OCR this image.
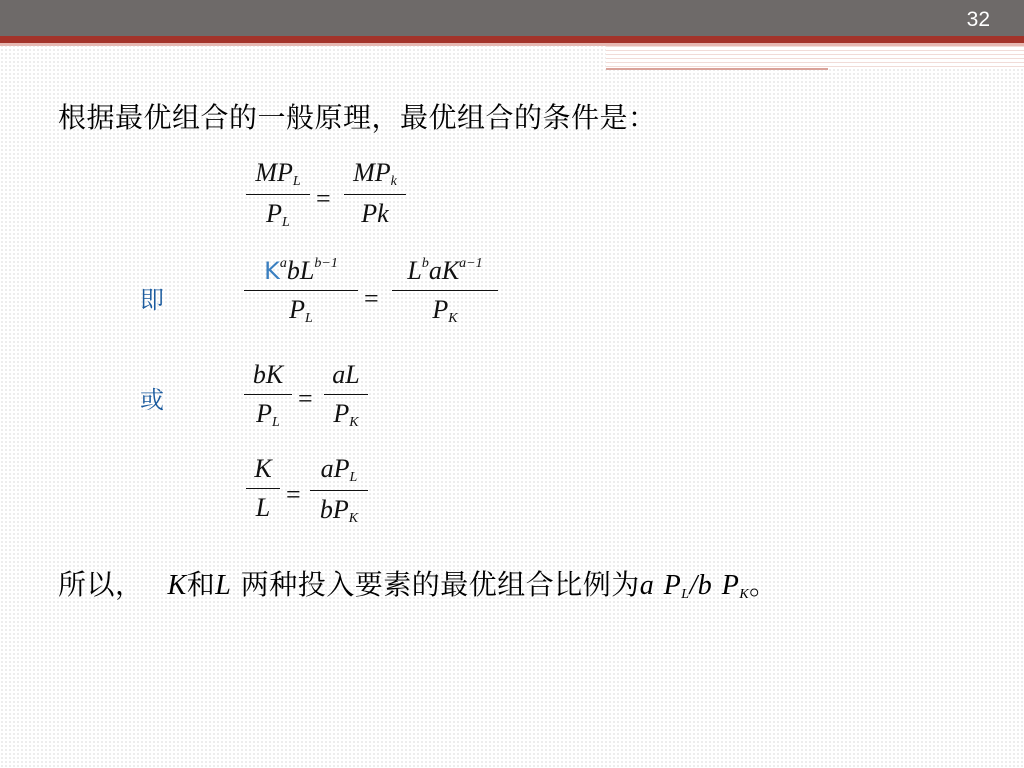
32
根据最优组合的一般原理，最优组合的条件是：
$MP_L$
$P_L$
=
$MP_k$
Pk
即
$K^abL^{b-1}$
$P_L$
=
$L^baK^{a-1}$
$P_K$
或	$\frac{bK}{P_L} = \frac{aL}{P_K}$
$\frac{K}{L}$ =
$aP_L$
$bP_K$
所以， K和L 两种投入要素的最优组合比例为a $P_L/b$ $P_K$。
